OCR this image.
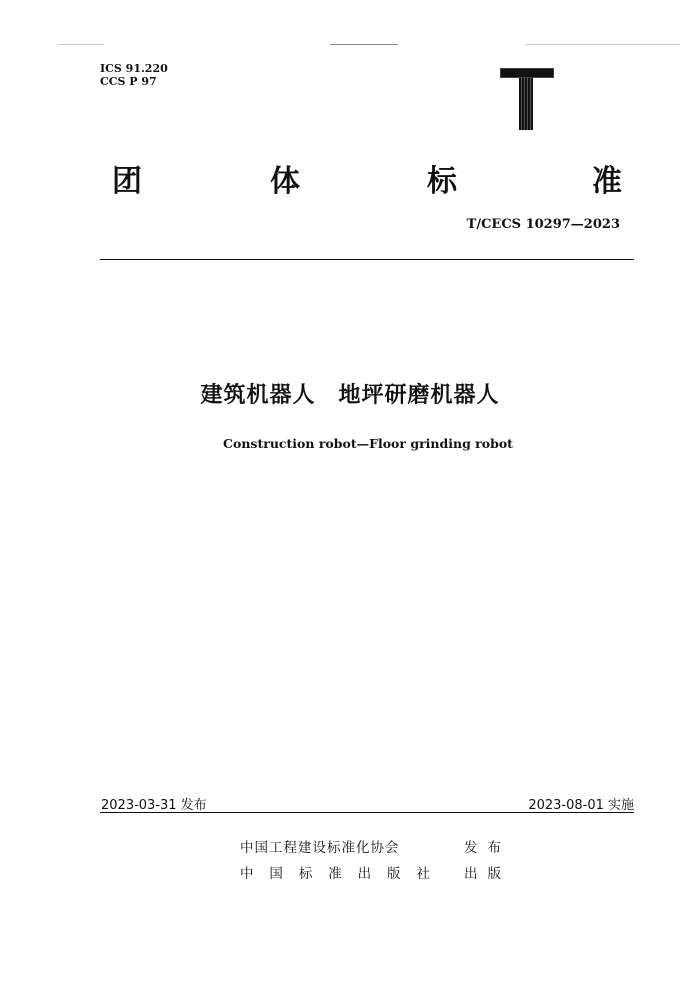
ICS 91.220
CCS P 97
团	体	标	准
T/CECS 10297—2023
建筑机器人　地坪研磨机器人
Construction robot—Floor grinding robot
2023-03-31 发布	2023-08-01 实施
中国工程建设标准化协会	发布
中 国 标 准 出 版 社	出版
